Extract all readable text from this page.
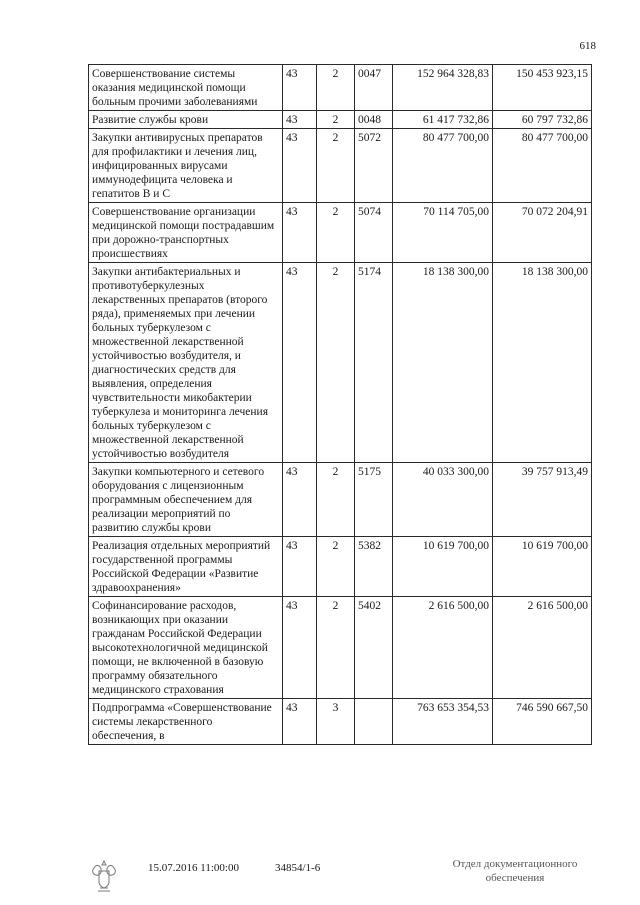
618
Совершенствование системы оказания медицинской помощи больным прочими заболеваниями	43	2	0047	152 964 328,83	150 453 923,15
Развитие службы крови	43	2	0048	61 417 732,86	60 797 732,86
Закупки антивирусных препаратов для профилактики и лечения лиц, инфицированных вирусами иммунодефицита человека и гепатитов В и С	43	2	5072	80 477 700,00	80 477 700,00
Совершенствование организации медицинской помощи пострадавшим при дорожно-транспортных происшествиях	43	2	5074	70 114 705,00	70 072 204,91
Закупки антибактериальных и противотуберкулезных лекарственных препаратов (второго ряда), применяемых при лечении больных туберкулезом с множественной лекарственной устойчивостью возбудителя, и диагностических средств для выявления, определения чувствительности микобактерии туберкулеза и мониторинга лечения больных туберкулезом с множественной лекарственной устойчивостью возбудителя	43	2	5174	18 138 300,00	18 138 300,00
Закупки компьютерного и сетевого оборудования с лицензионным программным обеспечением для реализации мероприятий по развитию службы крови	43	2	5175	40 033 300,00	39 757 913,49
Реализация отдельных мероприятий государственной программы Российской Федерации «Развитие здравоохранения»	43	2	5382	10 619 700,00	10 619 700,00
Софинансирование расходов, возникающих при оказании гражданам Российской Федерации высокотехнологичной медицинской помощи, не включенной в базовую программу обязательного медицинского страхования	43	2	5402	2 616 500,00	2 616 500,00
Подпрограмма «Совершенствование системы лекарственного обеспечения, в	43	3		763 653 354,53	746 590 667,50
15.07.2016 11:00:00	34854/1-6	Отдел документационного
обеспечения
